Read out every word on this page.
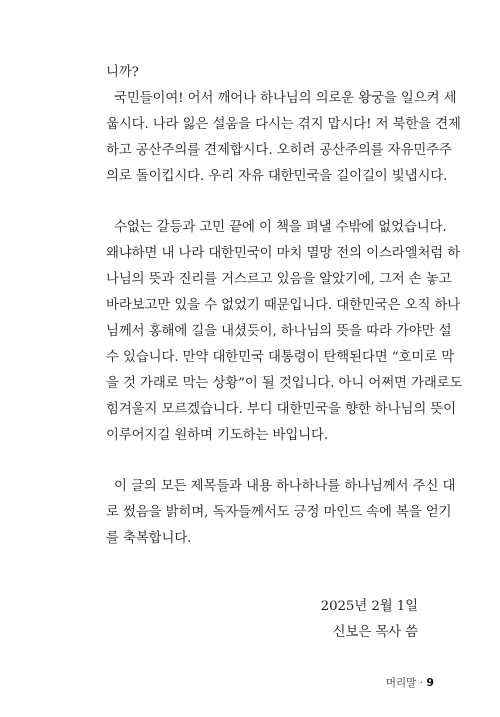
니까?
국민들이여! 어서 깨어나 하나님의 의로운 왕궁을 일으켜 세
웁시다. 나라 잃은 설움을 다시는 겪지 맙시다! 저 북한을 견제
하고 공산주의를 견제합시다. 오히려 공산주의를 자유민주주
의로 돌이킵시다. 우리 자유 대한민국을 길이길이 빛냅시다.
수없는 갈등과 고민 끝에 이 책을 펴낼 수밖에 없었습니다.
왜냐하면 내 나라 대한민국이 마치 멸망 전의 이스라엘처럼 하
나님의 뜻과 진리를 거스르고 있음을 알았기에, 그저 손 놓고
바라보고만 있을 수 없었기 때문입니다. 대한민국은 오직 하나
님께서 홍해에 길을 내셨듯이, 하나님의 뜻을 따라 가야만 설
수 있습니다. 만약 대한민국 대통령이 탄핵된다면 “호미로 막
을 것 가래로 막는 상황”이 될 것입니다. 아니 어쩌면 가래로도
힘겨울지 모르겠습니다. 부디 대한민국을 향한 하나님의 뜻이
이루어지길 원하며 기도하는 바입니다.
이 글의 모든 제목들과 내용 하나하나를 하나님께서 주신 대
로 썼음을 밝히며, 독자들께서도 긍정 마인드 속에 복을 얻기
를 축복합니다.
2025년 2월 1일
신보은 목사 씀
머리말 · 9
